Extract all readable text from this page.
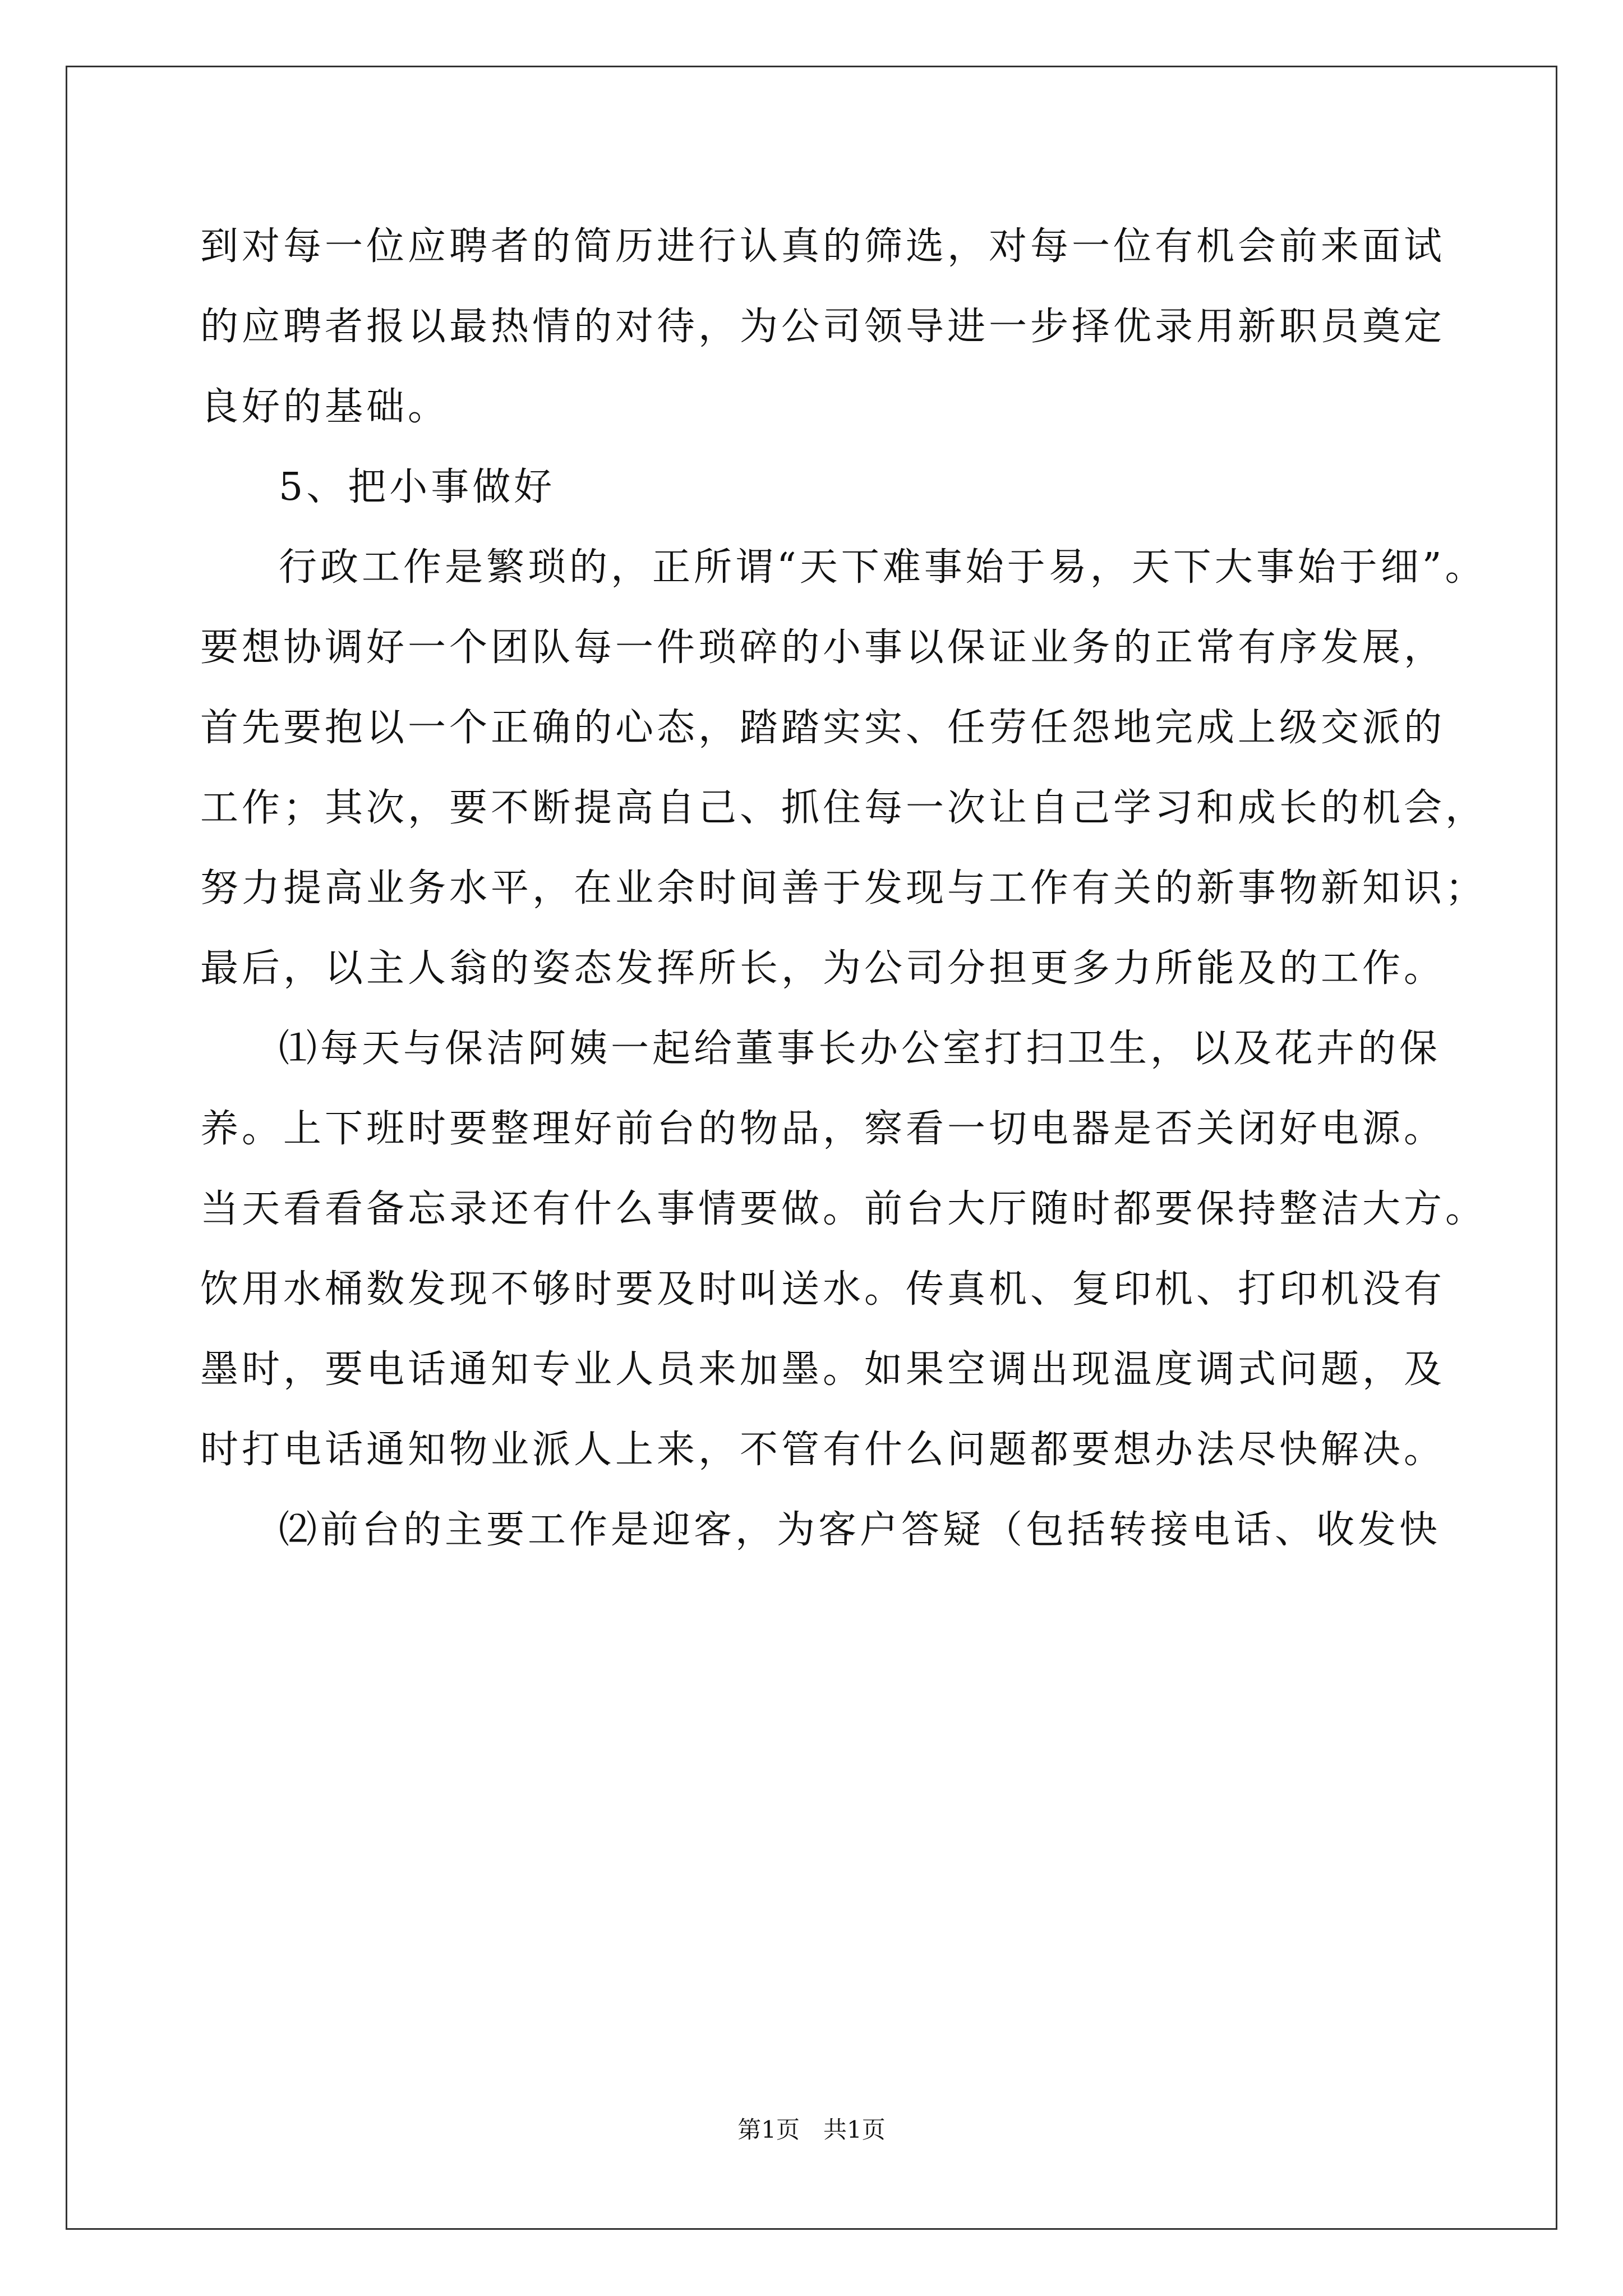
到对每一位应聘者的简历进行认真的筛选，对每一位有机会前来面试
的应聘者报以最热情的对待，为公司领导进一步择优录用新职员奠定
良好的基础。
5、把小事做好
行政工作是繁琐的，正所谓“天下难事始于易，天下大事始于细”。
要想协调好一个团队每一件琐碎的小事以保证业务的正常有序发展，
首先要抱以一个正确的心态，踏踏实实、任劳任怨地完成上级交派的
工作；其次，要不断提高自己、抓住每一次让自己学习和成长的机会，
努力提高业务水平，在业余时间善于发现与工作有关的新事物新知识；
最后，以主人翁的姿态发挥所长，为公司分担更多力所能及的工作。
⑴每天与保洁阿姨一起给董事长办公室打扫卫生，以及花卉的保
养。上下班时要整理好前台的物品，察看一切电器是否关闭好电源。
当天看看备忘录还有什么事情要做。前台大厅随时都要保持整洁大方。
饮用水桶数发现不够时要及时叫送水。传真机、复印机、打印机没有
墨时，要电话通知专业人员来加墨。如果空调出现温度调式问题，及
时打电话通知物业派人上来，不管有什么问题都要想办法尽快解决。
⑵前台的主要工作是迎客，为客户答疑（包括转接电话、收发快
第1页　共1页
